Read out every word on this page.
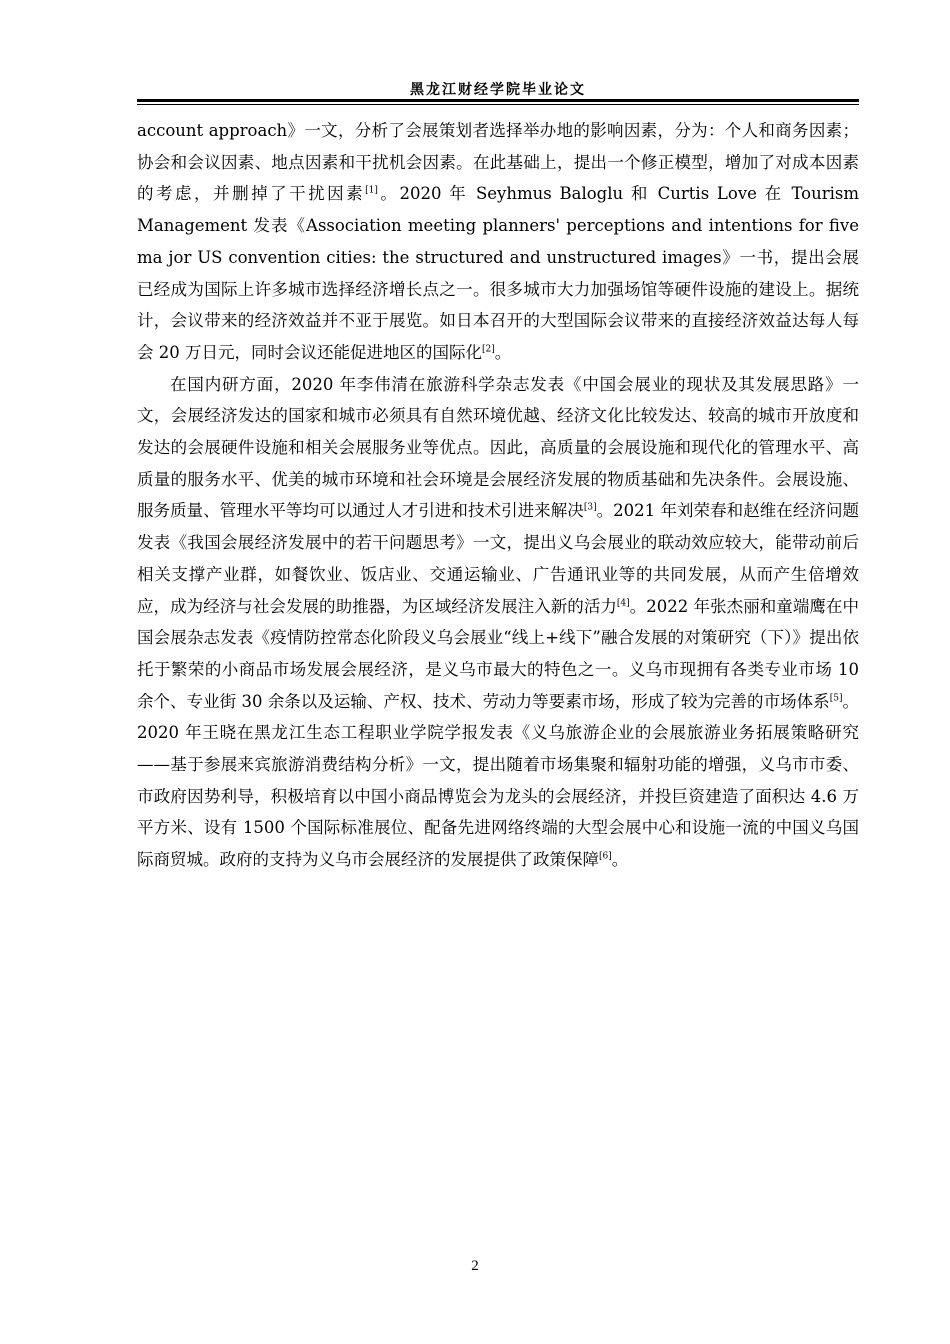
黑龙江财经学院毕业论文

account approach》一文，分析了会展策划者选择举办地的影响因素，分为：个人和商务因素；协会和会议因素、地点因素和干扰机会因素。在此基础上，提出一个修正模型，增加了对成本因素的考虑，并删掉了干扰因素[1]。2020 年 Seyhmus Baloglu 和 Curtis Love 在 Tourism Management 发表《Association meeting planners' perceptions and intentions for five ma jor US convention cities: the structured and unstructured images》一书，提出会展已经成为国际上许多城市选择经济增长点之一。很多城市大力加强场馆等硬件设施的建设上。据统计，会议带来的经济效益并不亚于展览。如日本召开的大型国际会议带来的直接经济效益达每人每会 20 万日元，同时会议还能促进地区的国际化[2]。

在国内研方面，2020 年李伟清在旅游科学杂志发表《中国会展业的现状及其发展思路》一文，会展经济发达的国家和城市必须具有自然环境优越、经济文化比较发达、较高的城市开放度和发达的会展硬件设施和相关会展服务业等优点。因此，高质量的会展设施和现代化的管理水平、高质量的服务水平、优美的城市环境和社会环境是会展经济发展的物质基础和先决条件。会展设施、服务质量、管理水平等均可以通过人才引进和技术引进来解决[3]。2021 年刘荣春和赵维在经济问题发表《我国会展经济发展中的若干问题思考》一文，提出义乌会展业的联动效应较大，能带动前后相关支撑产业群，如餐饮业、饭店业、交通运输业、广告通讯业等的共同发展，从而产生倍增效应，成为经济与社会发展的助推器，为区域经济发展注入新的活力[4]。2022 年张杰丽和童端鹰在中国会展杂志发表《疫情防控常态化阶段义乌会展业“线上+线下”融合发展的对策研究（下）》提出依托于繁荣的小商品市场发展会展经济，是义乌市最大的特色之一。义乌市现拥有各类专业市场 10 余个、专业街 30 余条以及运输、产权、技术、劳动力等要素市场，形成了较为完善的市场体系[5]。2020 年王晓在黑龙江生态工程职业学院学报发表《义乌旅游企业的会展旅游业务拓展策略研究——基于参展来宾旅游消费结构分析》一文，提出随着市场集聚和辐射功能的增强，义乌市市委、市政府因势利导，积极培育以中国小商品博览会为龙头的会展经济，并投巨资建造了面积达 4.6 万平方米、设有 1500 个国际标准展位、配备先进网络终端的大型会展中心和设施一流的中国义乌国际商贸城。政府的支持为义乌市会展经济的发展提供了政策保障[6]。

2
